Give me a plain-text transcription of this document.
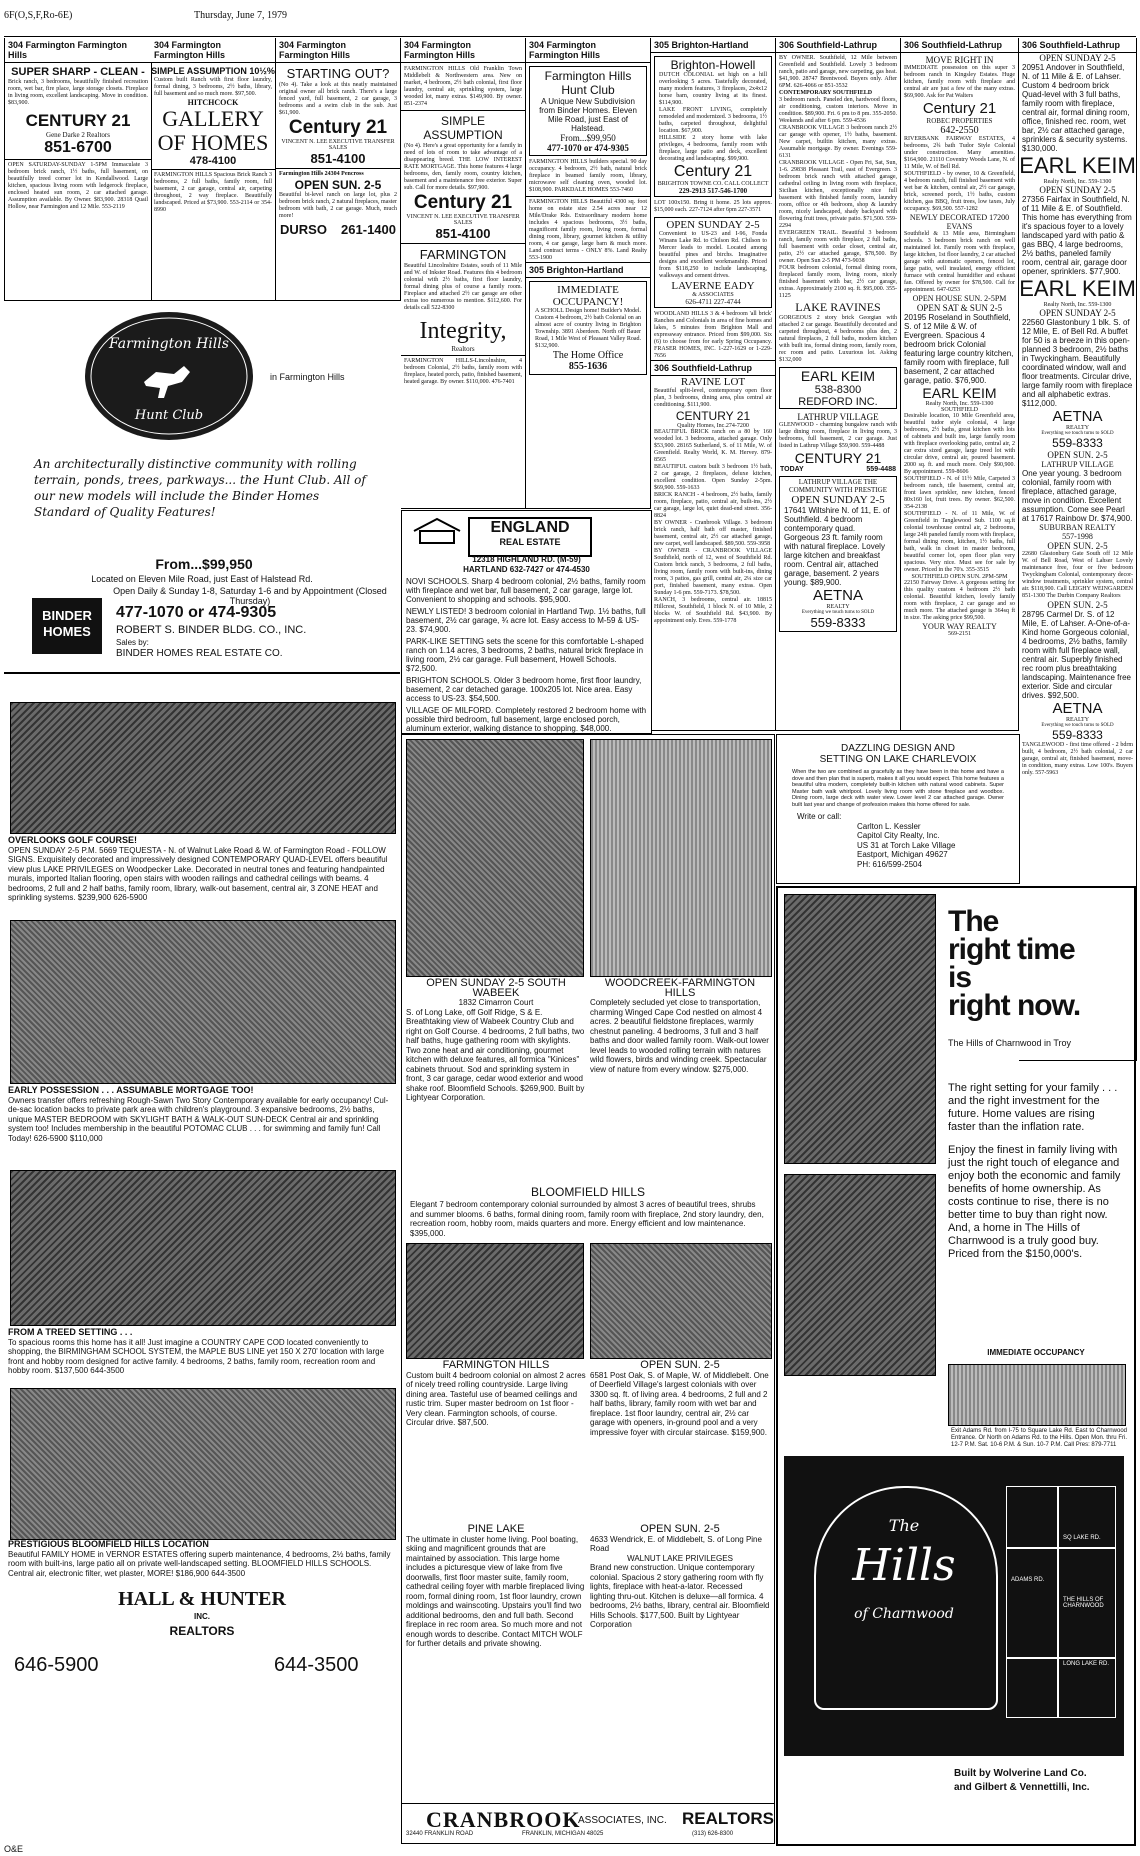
6F(O,S,F,Ro-6E)	Thursday, June 7, 1979
304 Farmington Farmington Hills
SUPER SHARP - CLEAN -

Brick ranch, 3 bedrooms, beautifully finished recreation room, wet bar, fire place, large storage closets. Fireplace in living room, excellent landscaping. Move in condition. $83,900.

CENTURY 21
Gene Darke 2 Realtors
851-6700

OPEN SATURDAY-SUNDAY 1-5PM Immaculate 3 bedroom brick ranch, 1½ baths, full basement, on beautifully treed corner lot in Kendallwood. Large kitchen, spacious living room with ledgerock fireplace, enclosed heated sun room, 2 car attached garage. Assumption available. By Owner. $83,900. 28318 Quail Hollow, near Farmington and 12 Mile. 553-2119

304 Farmington Farmington Hills
SIMPLE ASSUMPTION 10½%

Custom built Ranch with first floor laundry, formal dining, 3 bedrooms, 2½ baths, library, full basement and so much more. $97,500.

HITCHCOCK
GALLERY OF HOMES
478-4100

FARMINGTON HILLS Spacious Brick Ranch 3 bedrooms, 2 full baths, family room, full basement, 2 car garage, central air, carpeting throughout, 2 way fireplace. Beautifully landscaped. Priced at $73,900. 553-2114 or 354-8990

304 Farmington Farmington Hills
STARTING OUT?

(No 4). Take a look at this neatly maintained original owner all brick ranch. There's a large fenced yard, full basement, 2 car garage, 3 bedrooms and a swim club in the sub. Just $61,900.

Century 21
VINCENT N. LEE EXECUTIVE TRANSFER SALES
851-4100
Farmington Hills 24304 Pencross
OPEN SUN. 2-5

Beautiful bi-level ranch on large lot, plus 2 bedroom brick ranch, 2 natural fireplaces, master bedroom with bath, 2 car garage. Much, much more!

DURSO 261-1400
304 Farmington Farmington Hills

FARMINGTON HILLS Old Franklin Town Middlebelt & Northwestern area. New on market, 4 bedroom, 2½ bath colonial, first floor laundry, central air, sprinkling system, large wooded lot, many extras. $149,900. By owner. 851-2374

SIMPLE ASSUMPTION

(No 4). Here's a great opportunity for a family in need of lots of room to take advantage of a disappearing breed. THE LOW INTEREST RATE MORTGAGE. This home features 4 large bedrooms, den, family room, country kitchen, basement and a maintenance free exterior. Super sub. Call for more details. $97,900.

Century 21
VINCENT N. LEE EXECUTIVE TRANSFER SALES
851-4100
FARMINGTON

Beautiful Lincolnshire Estates, south of 11 Mile and W. of Inkster Road. Features this 4 bedroom colonial with 2½ baths, first floor laundry, formal dining plus of course a family room. Fireplace and attached 2½ car garage are other extras too numerous to mention. $112,600. For details call 522-8300

Integrity,
Realtors

FARMINGTON HILLS-Lincolnshire, 4 bedroom Colonial, 2½ baths, family room with fireplace, heated porch, patio, finished basement, heated garage. By owner. $110,000. 476-7401

304 Farmington Farmington Hills
Farmington Hills Hunt Club
A Unique New Subdivision from Binder Homes. Eleven Mile Road, just East of Halstead.
From...$99,950
477-1070 or 474-9305

FARMINGTON HILLS builders special. 90 day occupancy. 4 bedroom, 2½ bath, natural brick fireplace in beamed family room, library, microwave self cleaning oven, wooded lot. $108,900. PARKDALE HOMES 553-7460

FARMINGTON HILLS Beautiful 4300 sq. foot home on estate size 2.54 acres near 12 Mile/Drake Rds. Extraordinary modern home includes 4 spacious bedrooms, 3½ baths, magnificent family room, living room, formal dining room, library, gourmet kitchen & utility room, 4 car garage, large barn & much more. Land contract terms - ONLY 8%. Land Realty 553-1900

305 Brighton-Hartland
IMMEDIATE OCCUPANCY!

A SCHOLL Design home! Builder's Model. Custom 4 bedroom, 2½ bath Colonial on an almost acre of country living in Brighton Township. 3891 Aberdeen. North off Bauer Road, 1 Mile West of Pleasant Valley Road. $132,900.

The Home Office
855-1636
305 Brighton-Hartland
Brighton-Howell

DUTCH COLONIAL set high on a hill overlooking 5 acres. Tastefully decorated, many modern features, 3 fireplaces, 2x4x12 horse barn, country living at its finest. $114,900.

LAKE FRONT LIVING, completely remodeled and modernized. 3 bedrooms, 1½ baths, carpeted throughout, delightful location. $67,900.

HILLSIDE 2 story home with lake privileges, 4 bedrooms, family room with fireplace, large patio and deck, excellent decorating and landscaping. $99,900.

Century 21
BRIGHTON TOWNE CO. CALL COLLECT
229-2913 517-546-1700

LOT 100x150. Bring it home. 25 lots approx. $15,000 each. 227-7124 after 6pm 227-3571

OPEN SUNDAY 2-5

Convenient to US-23 and I-96, Fonda Winans Lake Rd. to Chilson Rd. Chilson to Mercer leads to model. Located among beautiful pines and birchs. Imaginative designs and excellent workmanship. Priced from $118,250 to include landscaping, walkways and cement drives.

LAVERNE EADY
& ASSOCIATES
626-4711 227-4744

WOODLAND HILLS 3 & 4 bedroom 'all brick' Ranches and Colonials in area of fine homes and lakes, 5 minutes from Brighton Mall and expressway entrance. Priced from $99,000. Six (6) to choose from for early Spring Occupancy. FRASER HOMES, INC. 1-227-1629 or 1-229-7656

306 Southfield-Lathrup
RAVINE LOT

Beautiful split-level, contemporary open floor plan, 3 bedrooms, dining area, plus central air conditioning. $111,900.

CENTURY 21
Quality Homes, Inc.274-7200

BEAUTIFUL BRICK ranch on a 80 by 160 wooded lot. 3 bedrooms, attached garage. Only $53,900. 28165 Sutherland, S. of 11 Mile, W. of Greenfield. Realty World, K. M. Hervey. 879-8565

BEAUTIFUL custom built 3 bedroom 1½ bath, 2 car garage, 2 fireplaces, deluxe kitchen, excellent condition. Open Sunday 2-5pm. $69,900. 559-1633

BRICK RANCH - 4 bedroom, 2½ baths, family room, fireplace, patio, central air, built-ins, 2½ car garage, large lot, quiet dead-end street. 356-8824

BY OWNER - Cranbrook Village. 3 bedroom brick ranch, half bath off master, finished basement, central air, 2½ car attached garage, new carpet, well landscaped. $89,500. 559-3958

BY OWNER - CRANBROOK VILLAGE Southfield, north of 12, west of Southfield Rd. Custom brick ranch, 3 bedrooms, 2 full baths, living room, family room with built-ins, dining room, 3 patios, gas grill, central air, 2¼ size car port, finished basement, many extras. Open Sunday 1-6 pm. 559-7173. $78,500.

RANCH, 3 bedrooms, central air. 18815 Hillcrest, Southfield, 1 block N. of 10 Mile, 2 blocks W. of Southfield Rd. $43,900. By appointment only. Eves. 559-1778

306 Southfield-Lathrup

BY OWNER. Southfield, 12 Mile between Greenfield and Southfield. Lovely 3 bedroom ranch, patio and garage, new carpeting, gas heat. $41,900. 28747 Brentwood. Buyers only. After 6PM. 626-4066 or 851-3532

CONTEMPORARY SOUTHFIELD

3 bedroom ranch. Paneled den, hardwood floors, air conditioning, custom interiors. Move in condition. $89,900. Fri. 6 pm to 8 pm. 355-2050. Weekends and after 6 pm. 559-4536

CRANBROOK VILLAGE 3 bedroom ranch 2½ car garage with opener, 1½ baths, basement. New carpet, builtin kitchen, many extras. Assumable mortgage. By owner. Evenings 559-6131

CRANBROOK VILLAGE - Open Fri, Sat, Sun, 1-6. 29838 Pleasant Trail, east of Evergreen. 3 bedroom brick ranch with attached garage, cathedral ceiling in living room with fireplace, Sicilian kitchen, exceptionally nice full basement with finished family room, laundry room, office or 4th bedroom, shop & laundry room, nicely landscaped, shady backyard with flowering fruit trees, private patio. $71,500. 559-2294

EVERGREEN TRAIL. Beautiful 3 bedroom ranch, family room with fireplace, 2 full baths, full basement with cedar closet, central air, patio, 2½ car attached garage, $78,500. By owner. Open Sun 2-5 PM 473-9038

FOUR bedroom colonial, formal dining room, fireplaced family room, living room, nicely finished basement with bar, 2½ car garage, extras. Approximately 2100 sq. ft. $95,000. 355-1125

LAKE RAVINES

GORGEOUS 2 story brick Georgian with attached 2 car garage. Beautifully decorated and carpeted throughout, 4 bedrooms plus den, 2 natural fireplaces, 2 full baths, modern kitchen with built ins, formal dining room, family room, rec room and patio. Luxurious lot. Asking $132,000

EARL KEIM
538-8300
REDFORD INC.
LATHRUP VILLAGE

GLENWOOD - charming bungalow ranch with large dining room, fireplace in living room, 3 bedrooms, full basement, 2 car garage. Just listed in Lathrup Village $59,900. 559-4488

CENTURY 21
TODAY	559-4488
LATHRUP VILLAGE THE COMMUNITY WITH PRESTIGE
OPEN SUNDAY 2-5
17641 Wiltshire N. of 11, E. of Southfield. 4 bedroom contemporary quad. Gorgeous 23 ft. family room with natural fireplace. Lovely large kitchen and breakfast room. Central air, attached garage, basement. 2 years young. $89,900.
AETNA
REALTY
Everything we touch turns to SOLD
559-8333
306 Southfield-Lathrup
MOVE RIGHT IN

IMMEDIATE possession on this super 3 bedroom ranch in Kingsley Estates. Huge kitchen, family room with fireplace and central air are just a few of the many extras. $69,900. Ask for Pat Walters

Century 21
ROBEC PROPERTIES
642-2550

RIVERBANK FAIRWAY ESTATES, 4 bedrooms, 2¾ bath Tudor Style Colonial under construction. Many amenities. $164,900. 21110 Coventry Woods Lane, N. of 11 Mile, W. of Bell Rd.

SOUTHFIELD - by owner, 10 & Greenfield, 4 bedroom ranch, full finished basement with wet bar & kitchen, central air, 2½ car garage, brick, screened porch, 1½ baths, custom kitchen, gas BBQ, fruit trees, low taxes, July occupancy. $69,500. 557-1282

NEWLY DECORATED 17200 EVANS

Southfield & 13 Mile area, Birmingham schools. 3 bedroom brick ranch on well maintained lot. Family room with fireplace, large kitchen, 1st floor laundry, 2 car attached garage with automatic openers, fenced lot, large patio, well insulated, energy efficient furnace with central humidifier and exhaust fan. Offered by owner for $78,500. Call for appointment. 647-0253

OPEN HOUSE SUN. 2-5PM
OPEN SAT & SUN 2-5
20195 Roseland in Southfield, S. of 12 Mile & W. of Evergreen. Spacious 4 bedroom brick Colonial featuring large country kitchen, family room with fireplace, full basement, 2 car attached garage, patio. $76,900.
EARL KEIM
Realty North, Inc. 559-1300
SOUTHFIELD

Desirable location, 10 Mile Greenfield area, beautiful tudor style colonial, 4 large bedrooms, 2½ baths, great kitchen with lots of cabinets and built ins, large family room with fireplace overlooking patio, central air, 2 car extra sized garage, large treed lot with circular drive, central air, poured basement. 2000 sq. ft. and much more. Only $90,900. By appointment. 559-8606

SOUTHFIELD - N. of 11½ Mile, Carpeted 3 bedroom ranch, tile basement, central air, front lawn sprinkler, new kitchen, fenced 80x160 lot, fruit trees. By owner. $62,500. 354-2138

SOUTHFIELD - N. of 11 Mile, W. of Greenfield in Tanglewood Sub. 1100 sq.ft colonial townhouse central air, 2 bedrooms, large 24ft paneled family room with fireplace, formal dining room, kitchen, 1½ baths, full bath, walk in closet in master bedroom, beautiful corner lot, open floor plan very spacious. Very nice. Must see for sale by owner. Priced in the 70's. 355-3515

SOUTHFIELD OPEN SUN. 2PM-5PM

22150 Fairway Drive. A gorgeous setting for this quality custom 4 bedroom 2½ bath colonial. Beautiful kitchen, lovely family room with fireplace, 2 car garage and so much more. The attached garage is 364sq ft in size. The asking price $99,500.

YOUR WAY REALTY
569-2151
306 Southfield-Lathrup
OPEN SUNDAY 2-5
20951 Andover in Southfield, N. of 11 Mile & E. of Lahser. Custom 4 bedroom brick Quad-level with 3 full baths, family room with fireplace, central air, formal dining room, office, finished rec. room, wet bar, 2½ car attached garage, sprinklers & security systems. $130,000.
EARL KEIM
Realty North, Inc. 559-1300
OPEN SUNDAY 2-5
27356 Fairfax in Southfield, N. of 11 Mile & E. of Southfield. This home has everything from it's spacious foyer to a lovely landscaped yard with patio & gas BBQ, 4 large bedrooms, 2½ baths, paneled family room, central air, garage door opener, sprinklers. $77,900.
EARL KEIM
Realty North, Inc. 559-1300
OPEN SUNDAY 2-5
22560 Glastonbury 1 blk. S. of 12 Mile, E. of Bell Rd. A buffet for 50 is a breeze in this open-planned 3 bedroom, 2½ baths in Twyckingham. Beautifully coordinated window, wall and floor treatments. Circular drive, large family room with fireplace and all alphabetic extras. $112,000.
AETNA
REALTY
Everything we touch turns to SOLD
559-8333
OPEN SUN. 2-5
LATHRUP VILLAGE
One year young. 3 bedroom colonial, family room with fireplace, attached garage, move in condition. Excellent assumption. Come see Pearl at 17617 Rainbow Dr. $74,900.
SUBURBAN REALTY
557-1998
OPEN SUN. 2-5

22680 Glastonbury Gate South off 12 Mile W. of Bell Road, West of Lahser Lovely maintenance free, four or five bedroom Twyckingham Colonial, contemporary decor-window treatments, sprinkler system, central air. $118,900. Call LEIGHY WEINGARDEN 851-1300 The Durbin Company Realtors

OPEN SUN. 2-5
28795 Carmel Dr. S. of 12 Mile, E. of Lahser. A-One-of-a-Kind home Gorgeous colonial, 4 bedrooms, 2½ baths, family room with full fireplace wall, central air. Superbly finished rec room plus breathtaking landscaping. Maintenance free exterior. Side and circular drives. $92,500.
AETNA
REALTY
Everything we touch turns to SOLD
559-8333

TANGLEWOOD - first time offered - 2 bdrm built, 4 bedroom, 2½ bath colonial, 2 car garage, central air, finished basement, move-in condition, many extras. Low 100's. Buyers only. 557-5963

Farmington Hills
Hunt Club
in Farmington Hills
An architecturally distinctive community with rolling terrain, ponds, trees, parkways... the Hunt Club. All of our new models will include the Binder Homes Standard of Quality Features!
From...$99,950
Located on Eleven Mile Road, just East of Halstead Rd.
Open Daily & Sunday 1-8, Saturday 1-6 and by Appointment (Closed Thursday)
BINDER HOMES
477-1070 or 474-9305
ROBERT S. BINDER BLDG. CO., INC.
Sales by:
BINDER HOMES REAL ESTATE CO.
ENGLAND
REAL ESTATE
12318 HIGHLAND RD. (M-59)
HARTLAND 632-7427 or 474-4530

NOVI SCHOOLS. Sharp 4 bedroom colonial, 2½ baths, family room with fireplace and wet bar, full basement, 2 car garage, large lot. Convenient to shopping and schools. $95,900.

NEWLY LISTED! 3 bedroom colonial in Hartland Twp. 1½ baths, full basement, 2½ car garage, ¾ acre lot. Easy access to M-59 & US-23. $74,900.

PARK-LIKE SETTING sets the scene for this comfortable L-shaped ranch on 1.14 acres, 3 bedrooms, 2 baths, natural brick fireplace in living room, 2½ car garage. Full basement, Howell Schools. $72,500.

BRIGHTON SCHOOLS. Older 3 bedroom home, first floor laundry, basement, 2 car detached garage. 100x205 lot. Nice area. Easy access to US-23. $54,500.

VILLAGE OF MILFORD. Completely restored 2 bedroom home with possible third bedroom, full basement, large enclosed porch, aluminum exterior, walking distance to shopping. $48,000.

OVERLOOKS GOLF COURSE!
OPEN SUNDAY 2-5 P.M. 5669 TEQUESTA - N. of Walnut Lake Road & W. of Farmington Road - FOLLOW SIGNS. Exquisitely decorated and impressively designed CONTEMPORARY QUAD-LEVEL offers beautiful view plus LAKE PRIVILEGES on Woodpecker Lake. Decorated in neutral tones and featuring handpainted murals, imported Italian flooring, open stairs with wooden railings and cathedral ceilings with beams. 4 bedrooms, 2 full and 2 half baths, family room, library, walk-out basement, central air, 3 ZONE HEAT and sprinkling systems. $239,900 626-5900
EARLY POSSESSION . . . ASSUMABLE MORTGAGE TOO!
Owners transfer offers refreshing Rough-Sawn Two Story Contemporary available for early occupancy! Cul-de-sac location backs to private park area with children's playground. 3 expansive bedrooms, 2½ baths, unique MASTER BEDROOM with SKYLIGHT BATH & WALK-OUT SUN-DECK Central air and sprinkling system too! Includes membership in the beautiful POTOMAC CLUB . . . for swimming and family fun! Call Today! 626-5900 $110,000
FROM A TREED SETTING . . .
To spacious rooms this home has it all! Just imagine a COUNTRY CAPE COD located conveniently to shopping, the BIRMINGHAM SCHOOL SYSTEM, the MAPLE BUS LINE yet 150 X 270' location with large front and hobby room designed for active family. 4 bedrooms, 2 baths, family room, recreation room and hobby room. $137,500 644-3500
PRESTIGIOUS BLOOMFIELD HILLS LOCATION
Beautiful FAMILY HOME in VERNOR ESTATES offering superb maintenance, 4 bedrooms, 2½ baths, family room with built-ins, large patio all on private well-landscaped setting. BLOOMFIELD HILLS SCHOOLS. Central air, electronic filter, wet plaster, MORE! $186,900 644-3500
HALL & HUNTER
INC.
REALTORS
646-5900	644-3500
OPEN SUNDAY 2-5 SOUTH WABEEK
1832 Cimarron Court
S. of Long Lake, off Golf Ridge, S & E. Breathtaking view of Wabeek Country Club and right on Golf Course. 4 bedrooms, 2 full baths, two half baths, huge gathering room with skylights. Two zone heat and air conditioning, gourmet kitchen with deluxe features, all formica "Kinices" cabinets thruout. Sod and sprinkling system in front, 3 car garage, cedar wood exterior and wood shake roof. Bloomfield Schools. $269,900. Built by Lightyear Corporation.
WOODCREEK-FARMINGTON HILLS
Completely secluded yet close to transportation, charming Winged Cape Cod nestled on almost 4 acres. 2 beautiful fieldstone fireplaces, warmly chestnut paneling. 4 bedrooms, 3 full and 3 half baths and door walled family room. Walk-out lower level leads to wooded rolling terrain with natures wild flowers, birds and winding creek. Spectacular view of nature from every window. $275,000.
BLOOMFIELD HILLS
Elegant 7 bedroom contemporary colonial surrounded by almost 3 acres of beautiful trees, shrubs and summer blooms. 6 baths, formal dining room, family room with fireplace, 2nd story laundry, den, recreation room, hobby room, maids quarters and more. Energy efficient and low maintenance. $395,000.
FARMINGTON HILLS
Custom built 4 bedroom colonial on almost 2 acres of nicely treed rolling countryside. Large living dining area. Tasteful use of beamed ceilings and rustic trim. Super master bedroom on 1st floor - Very clean. Farmington schools, of course. Circular drive. $87,500.
OPEN SUN. 2-5
6581 Post Oak, S. of Maple, W. of Middlebelt. One of Deerfield Village's largest colonials with over 3300 sq. ft. of living area. 4 bedrooms, 2 full and 2 half baths, library, family room with wet bar and fireplace. 1st floor laundry, central air, 2½ car garage with openers, in-ground pool and a very impressive foyer with circular staircase. $159,900.
PINE LAKE
The ultimate in cluster home living. Pool boating, skiing and magnificent grounds that are maintained by association. This large home includes a picturesque view of lake from five doorwalls, first floor master suite, family room, cathedral ceiling foyer with marble fireplaced living room, formal dining room, 1st floor laundry, crown moldings and wainscoting. Upstairs you'll find two additional bedrooms, den and full bath. Second fireplace in rec room area. So much more and not enough words to describe. Contact MITCH WOLF for further details and private showing.
OPEN SUN. 2-5
4633 Wendrick, E. of Middlebelt, S. of Long Pine Road
WALNUT LAKE PRIVILEGES
Brand new construction. Unique contemporary colonial. Spacious 2 story gathering room with fly lights, fireplace with heat-a-lator. Recessed lighting thru-out. Kitchen is deluxe—all formica. 4 bedrooms, 2½ baths, library, central air. Bloomfield Hills Schools. $177,500. Built by Lightyear Corporation
CRANBROOK
ASSOCIATES, INC. REALTORS
32440 FRANKLIN ROAD	FRANKLIN, MICHIGAN 48025	(313) 626-8300
DAZZLING DESIGN AND
SETTING ON LAKE CHARLEVOIX
When the two are combined as gracefully as they have been in this home and have a dove and then plan that is superb, makes it all you would expect. This home features a beautiful ultra modern, completely built-in kitchen with natural wood cabinets. Super Master bath walk whirlpool. Lovely living room with stone fireplace and woodbox. Dining room, large deck with water view. Lower level 2 car attached garage. Owner built last year and change of profession makes this home offered for sale.
Write or call:
Carlton L. Kessler
Capitol City Realty, Inc.
US 31 at Torch Lake Village
Eastport, Michigan 49627
PH: 616/599-2504
The
right time
is
right now.
The Hills of Charnwood in Troy
The right setting for your family . . . and the right investment for the future. Home values are rising faster than the inflation rate.
Enjoy the finest in family living with just the right touch of elegance and enjoy both the economic and family benefits of home ownership. As costs continue to rise, there is no better time to buy than right now. And, a home in The Hills of Charnwood is a truly good buy. Priced from the $150,000's.
IMMEDIATE OCCUPANCY
Exit Adams Rd. from I-75 to Square Lake Rd. East to Charnwood Entrance. Or North on Adams Rd. to the Hills. Open Mon. thru Fri. 12-7 P.M. Sat. 10-6 P.M. & Sun. 10-7 P.M. Call Pres: 879-7711
The
Hills
of Charnwood
SQ LAKE RD.
LONG LAKE RD.
ADAMS RD.
THE HILLS OF CHARNWOOD
Built by Wolverine Land Co.
and Gilbert & Vennettilli, Inc.
O&E
